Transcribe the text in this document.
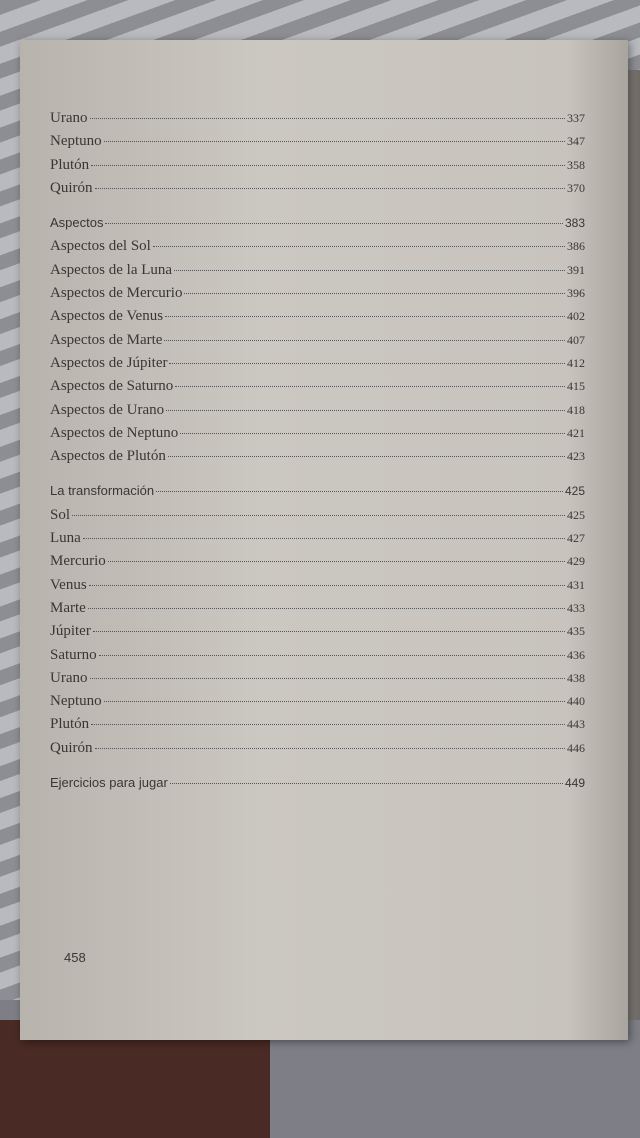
Urano	337
Neptuno	347
Plutón	358
Quirón	370
Aspectos	383
Aspectos del Sol	386
Aspectos de la Luna	391
Aspectos de Mercurio	396
Aspectos de Venus	402
Aspectos de Marte	407
Aspectos de Júpiter	412
Aspectos de Saturno	415
Aspectos de Urano	418
Aspectos de Neptuno	421
Aspectos de Plutón	423
La transformación	425
Sol	425
Luna	427
Mercurio	429
Venus	431
Marte	433
Júpiter	435
Saturno	436
Urano	438
Neptuno	440
Plutón	443
Quirón	446
Ejercicios para jugar	449
458
